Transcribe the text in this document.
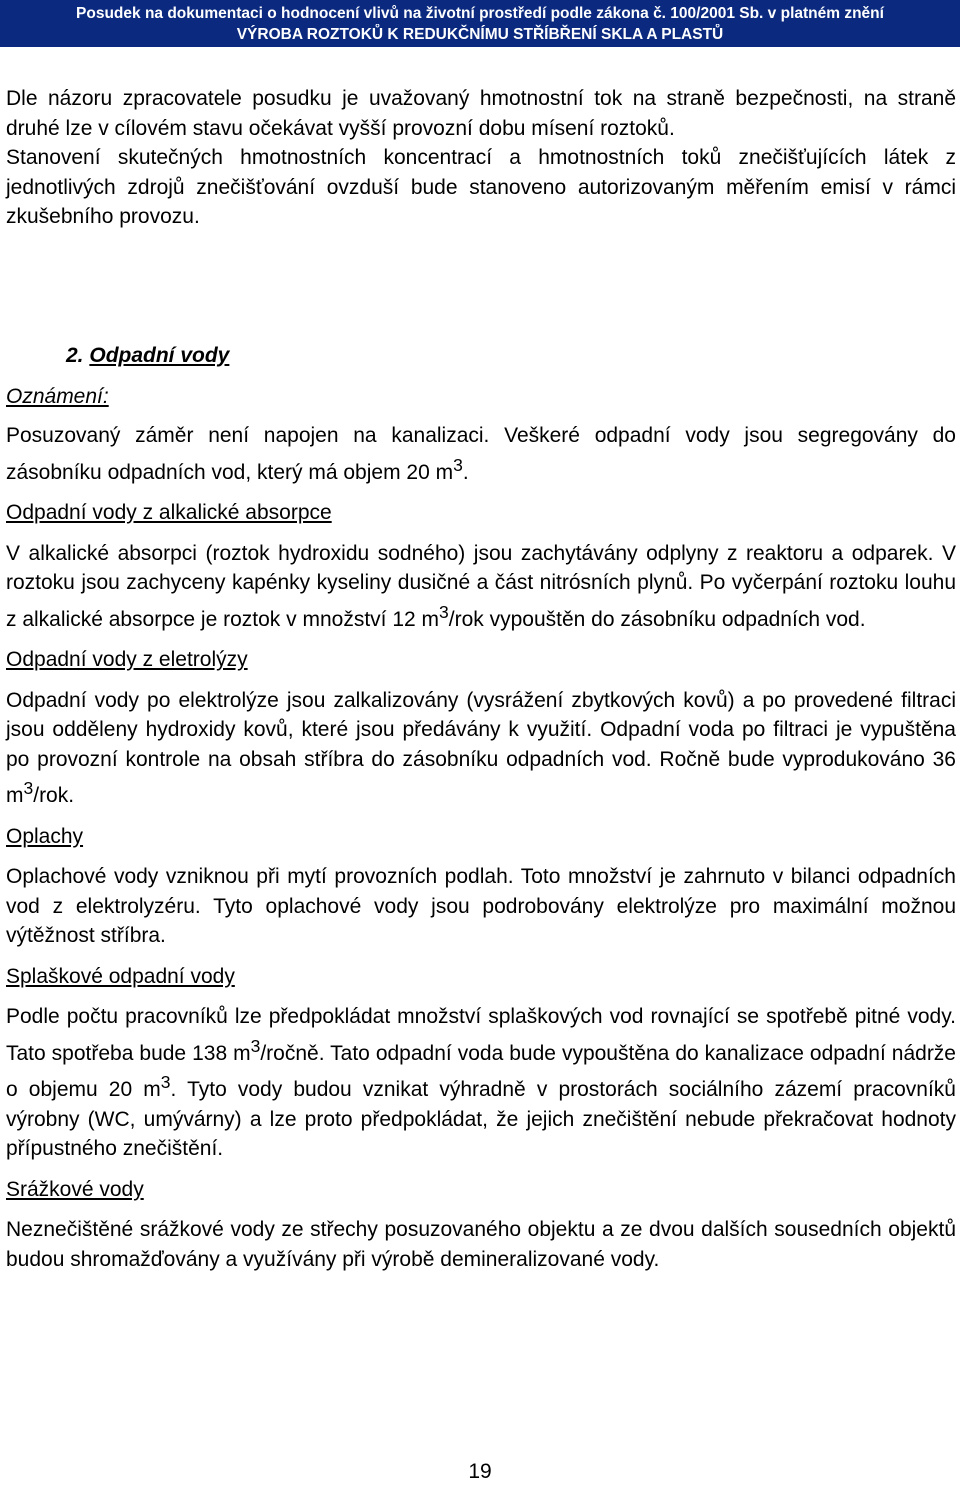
Posudek na dokumentaci o hodnocení vlivů na životní prostředí podle zákona č. 100/2001 Sb. v platném znění
VÝROBA ROZTOKŮ K REDUKČNÍMU STŘÍBŘENÍ SKLA A PLASTŮ

Dle názoru zpracovatele posudku je uvažovaný hmotnostní tok na straně bezpečnosti, na straně druhé lze v cílovém stavu očekávat vyšší provozní dobu mísení roztoků.

Stanovení skutečných hmotnostních koncentrací a hmotnostních toků znečišťujících látek z jednotlivých zdrojů znečišťování ovzduší bude stanoveno autorizovaným měřením emisí v rámci zkušebního provozu.

2. Odpadní vody
Oznámení:

Posuzovaný záměr není napojen na kanalizaci. Veškeré odpadní vody jsou segregovány do zásobníku odpadních vod, který má objem 20 $m^3$.

Odpadní vody z alkalické absorpce

V alkalické absorpci (roztok hydroxidu sodného) jsou zachytávány odplyny z reaktoru a odparek. V roztoku jsou zachyceny kapénky kyseliny dusičné a část nitrósních plynů. Po vyčerpání roztoku louhu z alkalické absorpce je roztok v množství 12 $m^3$/rok vypouštěn do zásobníku odpadních vod.

Odpadní vody z eletrolýzy

Odpadní vody po elektrolýze jsou zalkalizovány (vysrážení zbytkových kovů) a po provedené filtraci jsou odděleny hydroxidy kovů, které jsou předávány k využití. Odpadní voda po filtraci je vypuštěna po provozní kontrole na obsah stříbra do zásobníku odpadních vod. Ročně bude vyprodukováno 36 $m^3$/rok.

Oplachy

Oplachové vody vzniknou při mytí provozních podlah. Toto množství je zahrnuto v bilanci odpadních vod z elektrolyzéru. Tyto oplachové vody jsou podrobovány elektrolýze pro maximální možnou výtěžnost stříbra.

Splaškové odpadní vody

Podle počtu pracovníků lze předpokládat množství splaškových vod rovnající se spotřebě pitné vody. Tato spotřeba bude 138 $m^3$/ročně. Tato odpadní voda bude vypouštěna do kanalizace odpadní nádrže o objemu 20 $m^3$. Tyto vody budou vznikat výhradně v prostorách sociálního zázemí pracovníků výrobny (WC, umývárny) a lze proto předpokládat, že jejich znečištění nebude překračovat hodnoty přípustného znečištění.

Srážkové vody

Neznečištěné srážkové vody ze střechy posuzovaného objektu a ze dvou dalších sousedních objektů budou shromažďovány a využívány při výrobě demineralizované vody.

19
